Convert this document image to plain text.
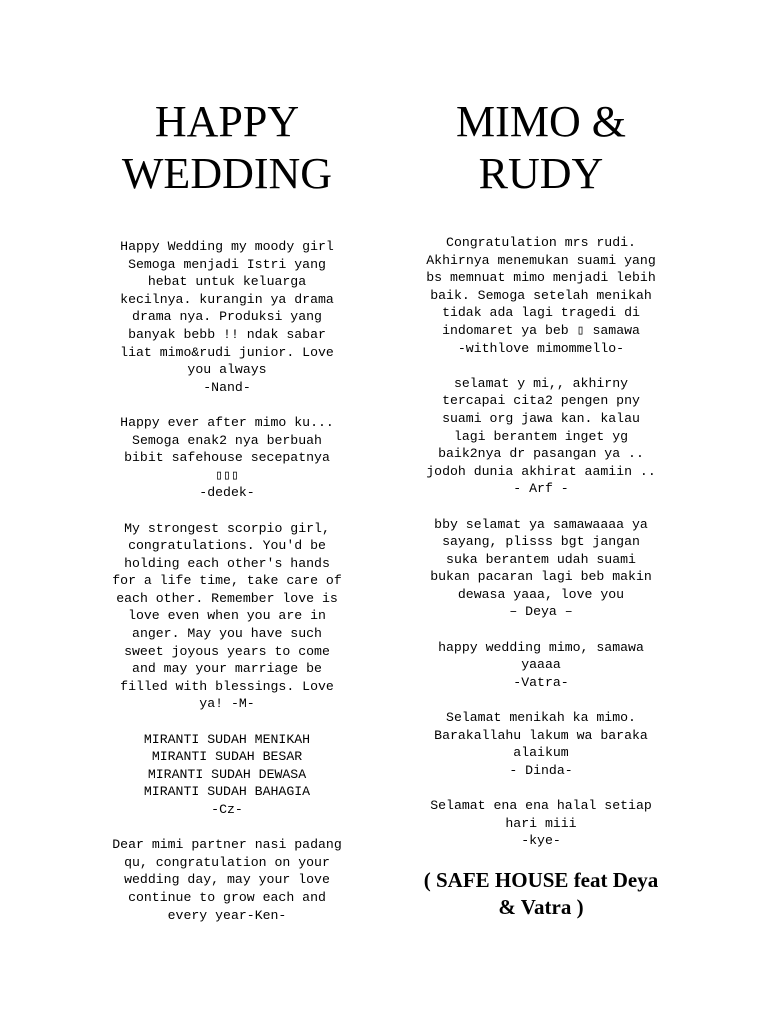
HAPPY
WEDDING
MIMO &
RUDY

Happy Wedding my moody girl
Semoga menjadi Istri yang
hebat untuk keluarga
kecilnya. kurangin ya drama
drama nya. Produksi yang
banyak bebb !! ndak sabar
liat mimo&rudi junior. Love
you always
-Nand-

Happy ever after mimo ku...
Semoga enak2 nya berbuah
bibit safehouse secepatnya
▯▯▯
-dedek-

My strongest scorpio girl,
congratulations. You'd be
holding each other's hands
for a life time, take care of
each other. Remember love is
love even when you are in
anger. May you have such
sweet joyous years to come
and may your marriage be
filled with blessings. Love
ya! -M-

MIRANTI SUDAH MENIKAH
MIRANTI SUDAH BESAR
MIRANTI SUDAH DEWASA
MIRANTI SUDAH BAHAGIA
-Cz-

Dear mimi partner nasi padang
qu, congratulation on your
wedding day, may your love
continue to grow each and
every year-Ken-

Congratulation mrs rudi.
Akhirnya menemukan suami yang
bs memnuat mimo menjadi lebih
baik. Semoga setelah menikah
tidak ada lagi tragedi di
indomaret ya beb ▯ samawa
-withlove mimommello-

selamat y mi,, akhirny
tercapai cita2 pengen pny
suami org jawa kan. kalau
lagi berantem inget yg
baik2nya dr pasangan ya ..
jodoh dunia akhirat aamiin ..
- Arf -

bby selamat ya samawaaaa ya
sayang, plisss bgt jangan
suka berantem udah suami
bukan pacaran lagi beb makin
dewasa yaaa, love you
– Deya –

happy wedding mimo, samawa
yaaaa
-Vatra-

Selamat menikah ka mimo.
Barakallahu lakum wa baraka
alaikum
- Dinda-

Selamat ena ena halal setiap
hari miii
-kye-

( SAFE HOUSE feat Deya
& Vatra )
